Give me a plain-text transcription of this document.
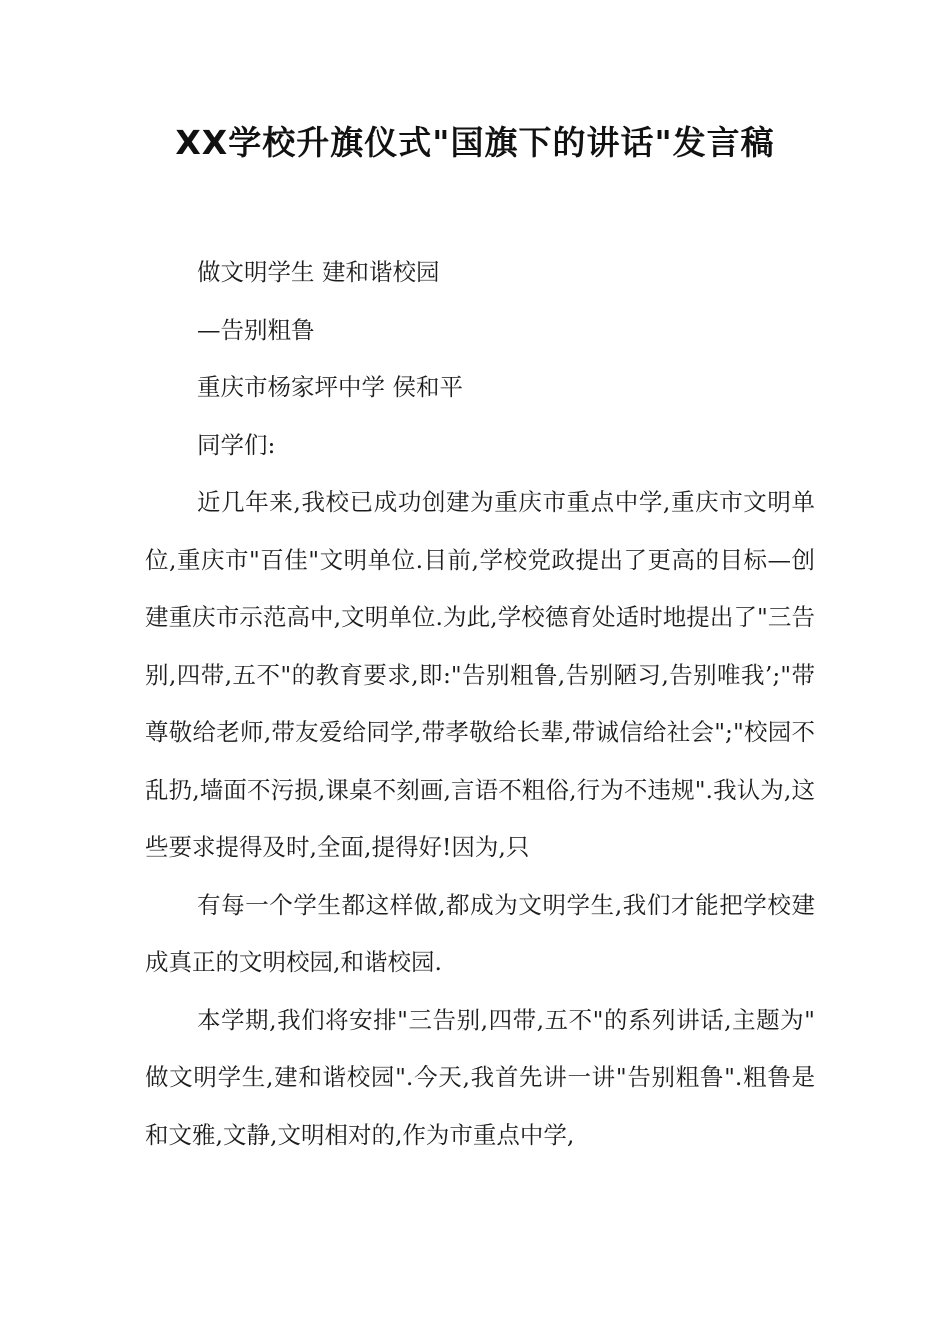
XX学校升旗仪式"国旗下的讲话"发言稿

做文明学生 建和谐校园

—告别粗鲁

重庆市杨家坪中学 侯和平

同学们:

近几年来,我校已成功创建为重庆市重点中学,重庆市文明单位,重庆市"百佳"文明单位.目前,学校党政提出了更高的目标—创建重庆市示范高中,文明单位.为此,学校德育处适时地提出了"三告别,四带,五不"的教育要求,即:"告别粗鲁,告别陋习,告别唯我’;"带尊敬给老师,带友爱给同学,带孝敬给长辈,带诚信给社会";"校园不乱扔,墙面不污损,课桌不刻画,言语不粗俗,行为不违规".我认为,这些要求提得及时,全面,提得好!因为,只

有每一个学生都这样做,都成为文明学生,我们才能把学校建成真正的文明校园,和谐校园.

本学期,我们将安排"三告别,四带,五不"的系列讲话,主题为"做文明学生,建和谐校园".今天,我首先讲一讲"告别粗鲁".粗鲁是和文雅,文静,文明相对的,作为市重点中学,
